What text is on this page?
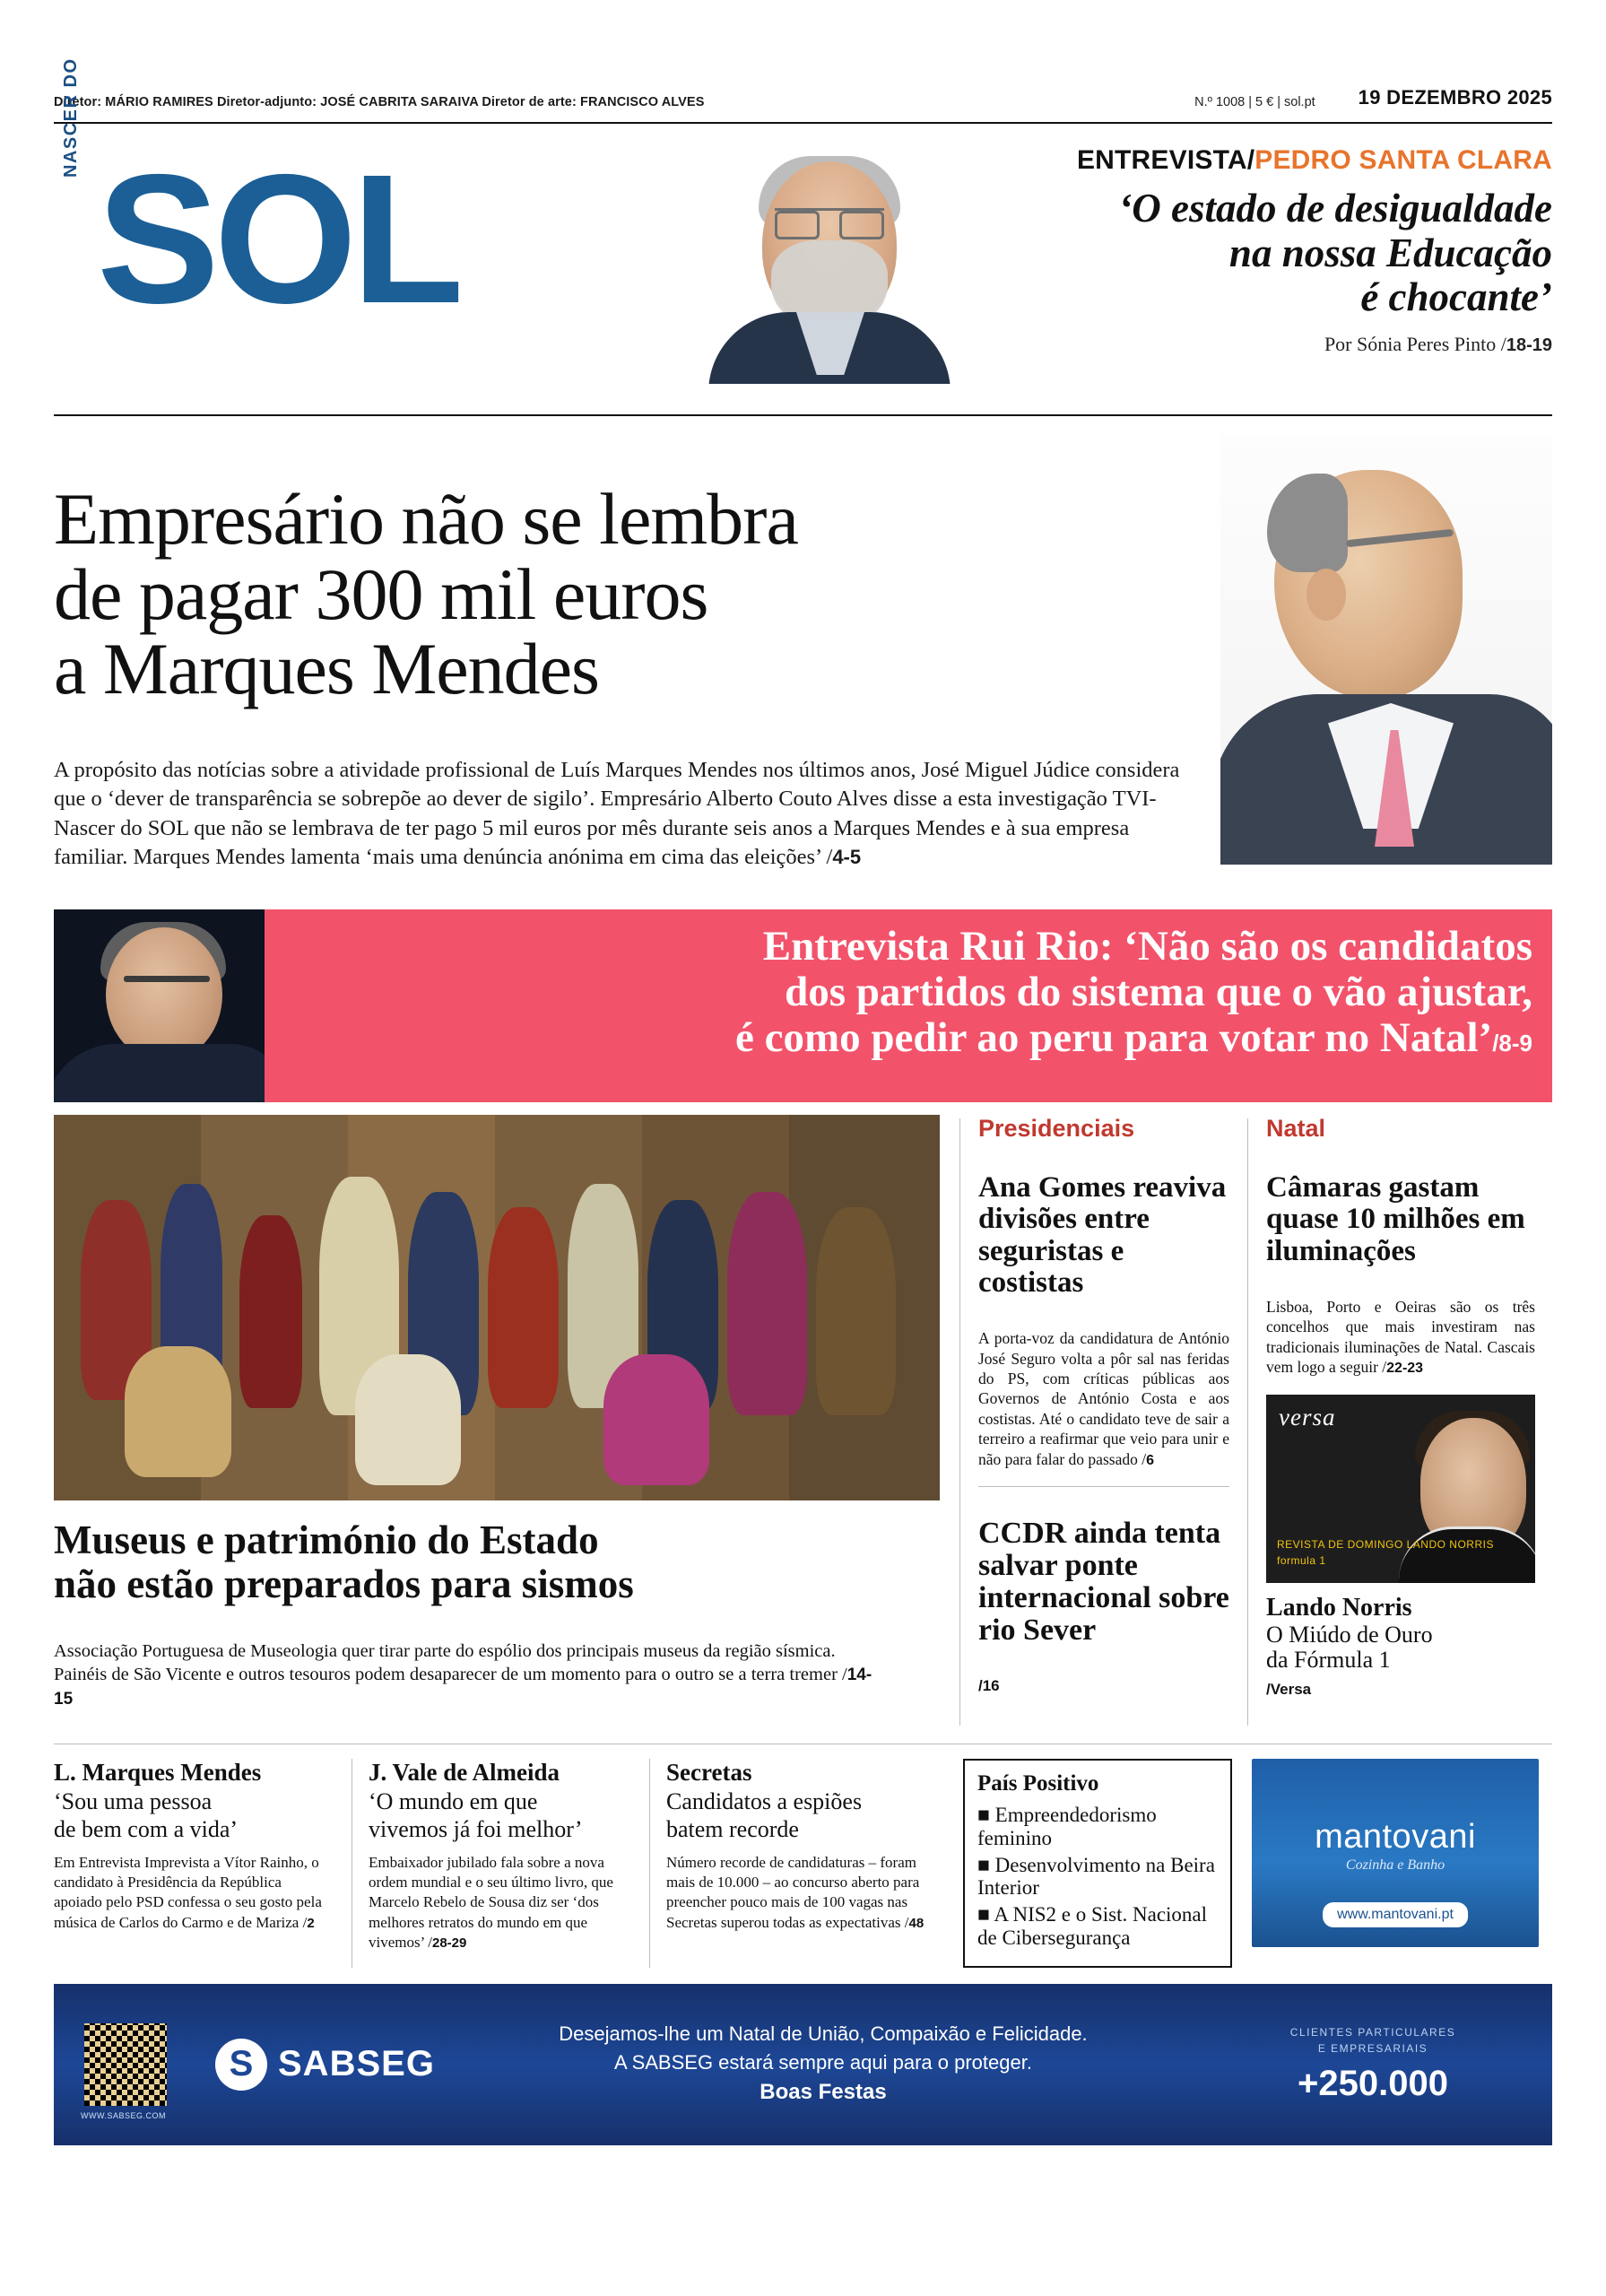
Diretor: MÁRIO RAMIRES Diretor-adjunto: JOSÉ CABRITA SARAIVA Diretor de arte: FRANCISCO ALVES	N.º 1008 | 5 € | sol.pt 19 DEZEMBRO 2025
NASCER DO
SOL	ENTREVISTA/PEDRO SANTA CLARA
‘O estado de desigualdade
na nossa Educação
é chocante’
Por Sónia Peres Pinto /18-19
Empresário não se lembra
de pagar 300 mil euros
a Marques Mendes

A propósito das notícias sobre a atividade profissional de Luís Marques Mendes nos últimos anos, José Miguel Júdice considera que o ‘dever de transparência se sobrepõe ao dever de sigilo’. Empresário Alberto Couto Alves disse a esta investigação TVI-Nascer do SOL que não se lembrava de ter pago 5 mil euros por mês durante seis anos a Marques Mendes e à sua empresa familiar. Marques Mendes lamenta ‘mais uma denúncia anónima em cima das eleições’ /4-5

Entrevista Rui Rio: ‘Não são os candidatos
dos partidos do sistema que o vão ajustar,
é como pedir ao peru para votar no Natal’/8-9
Museus e património do Estado
não estão preparados para sismos

Associação Portuguesa de Museologia quer tirar parte do espólio dos principais museus da região sísmica. Painéis de São Vicente e outros tesouros podem desaparecer de um momento para o outro se a terra tremer /14-15

Presidenciais
Ana Gomes reaviva divisões entre seguristas e costistas

A porta-voz da candidatura de António José Seguro volta a pôr sal nas feridas do PS, com críticas públicas aos Governos de António Costa e aos costistas. Até o candidato teve de sair a terreiro a reafirmar que veio para unir e não para falar do passado /6

CCDR ainda tenta salvar ponte internacional sobre rio Sever
/16
Natal
Câmaras gastam quase 10 milhões em iluminações

Lisboa, Porto e Oeiras são os três concelhos que mais investiram nas tradicionais iluminações de Natal. Cascais vem logo a seguir /22-23

versa
REVISTA DE DOMINGO LANDO NORRIS formula 1
Lando Norris
O Miúdo de Ouro
da Fórmula 1
/Versa
L. Marques Mendes
‘Sou uma pessoa
de bem com a vida’

Em Entrevista Imprevista a Vítor Rainho, o candidato à Presidência da República apoiado pelo PSD confessa o seu gosto pela música de Carlos do Carmo e de Mariza /2

J. Vale de Almeida
‘O mundo em que
vivemos já foi melhor’

Embaixador jubilado fala sobre a nova ordem mundial e o seu último livro, que Marcelo Rebelo de Sousa diz ser ‘dos melhores retratos do mundo em que vivemos’ /28-29

Secretas
Candidatos a espiões
batem recorde

Número recorde de candidaturas – foram mais de 10.000 – ao concurso aberto para preencher pouco mais de 100 vagas nas Secretas superou todas as expectativas /48

País Positivo
■ Empreendedorismo feminino
■ Desenvolvimento na Beira Interior
■ A NIS2 e o Sist. Nacional de Cibersegurança
mantovani
Cozinha e Banho
www.mantovani.pt
WWW.SABSEG.COM
S
SABSEG
Desejamos-lhe um Natal de União, Compaixão e Felicidade.
A SABSEG estará sempre aqui para o proteger.
Boas Festas
CLIENTES PARTICULARES
E EMPRESARIAIS
+250.000
